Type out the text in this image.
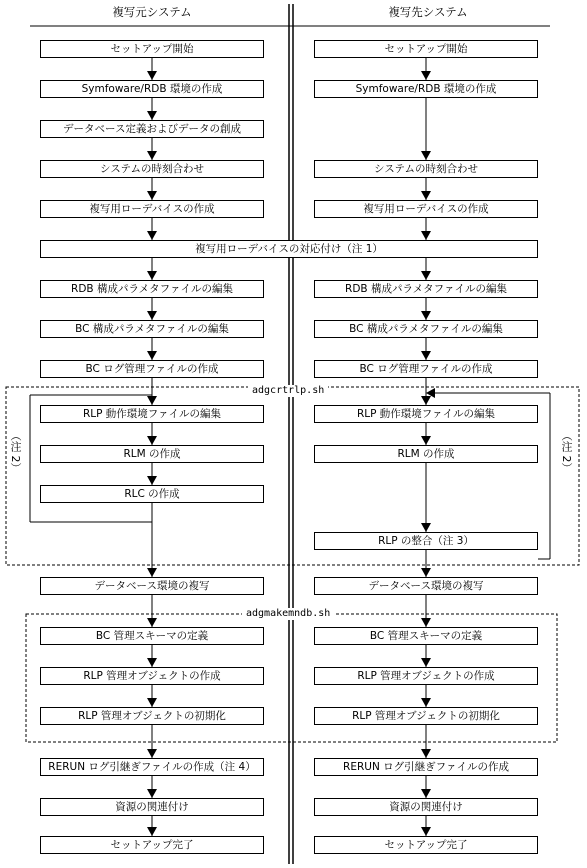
複写元システム	複写先システム
セットアップ開始
Symfoware/RDB 環境の作成
データベース定義およびデータの創成
システムの時刻合わせ
複写用ローデバイスの作成
RDB 構成パラメタファイルの編集
BC 構成パラメタファイルの編集
BC ログ管理ファイルの作成
RLP 動作環境ファイルの編集
RLM の作成
RLC の作成
データベース環境の複写
BC 管理スキーマの定義
RLP 管理オブジェクトの作成
RLP 管理オブジェクトの初期化
RERUN ログ引継ぎファイルの作成（注 4）
資源の関連付け
セットアップ完了
セットアップ開始
Symfoware/RDB 環境の作成
システムの時刻合わせ
複写用ローデバイスの作成
RDB 構成パラメタファイルの編集
BC 構成パラメタファイルの編集
BC ログ管理ファイルの作成
RLP 動作環境ファイルの編集
RLM の作成
RLP の整合（注 3）
データベース環境の複写
BC 管理スキーマの定義
RLP 管理オブジェクトの作成
RLP 管理オブジェクトの初期化
RERUN ログ引継ぎファイルの作成
資源の関連付け
セットアップ完了
複写用ローデバイスの対応付け（注 1）
adgcrtrlp.sh
adgmakemndb.sh
（注 2）	（注 2）
